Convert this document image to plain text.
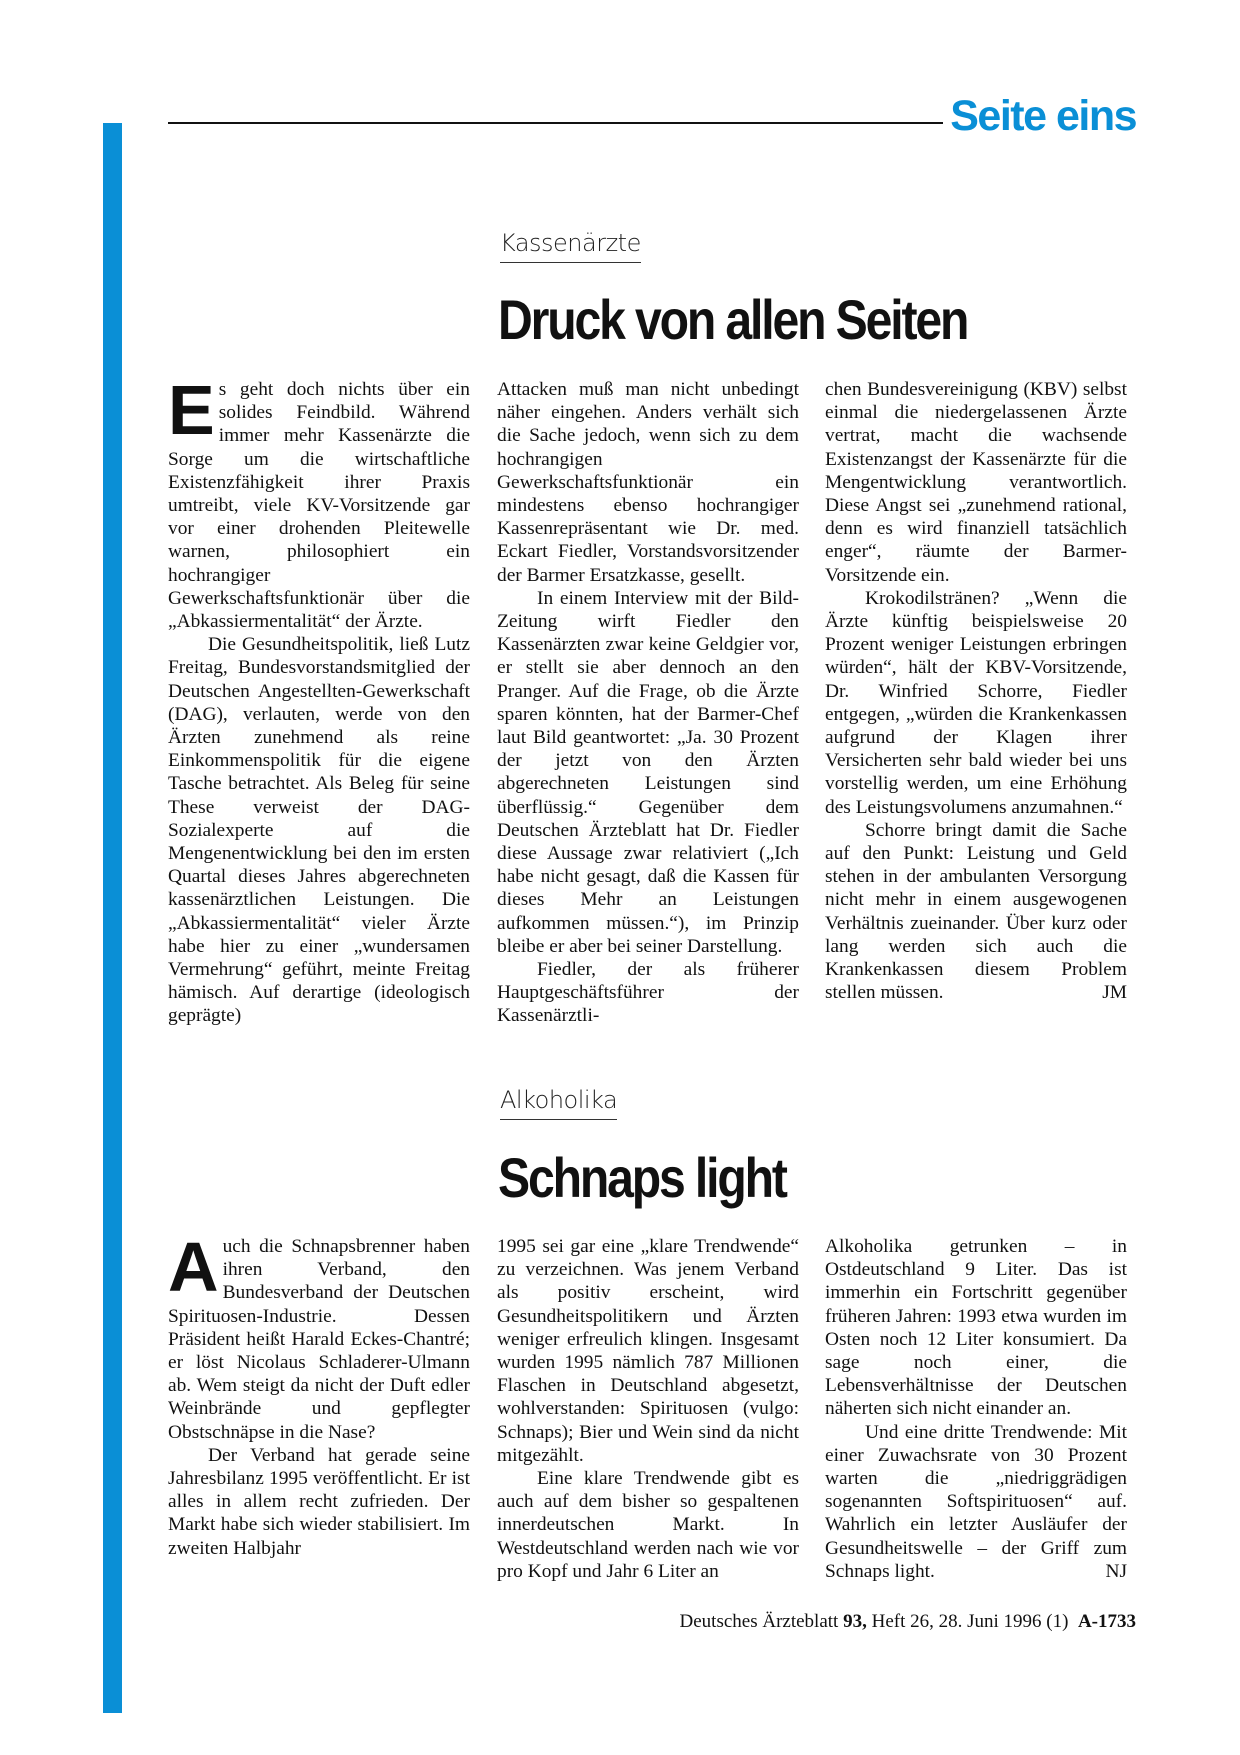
Seite eins
Kassenärzte
Druck von allen Seiten

Es geht doch nichts über ein solides Feindbild. Während immer mehr Kassenärzte die Sorge um die wirtschaftliche Existenzfähigkeit ihrer Praxis umtreibt, viele KV-Vorsitzende gar vor einer drohenden Pleitewelle warnen, philosophiert ein hochrangiger Gewerkschaftsfunktionär über die „Abkassiermentalität“ der Ärzte.

Die Gesundheitspolitik, ließ Lutz Freitag, Bundesvorstandsmitglied der Deutschen Angestellten-Gewerkschaft (DAG), verlauten, werde von den Ärzten zunehmend als reine Einkommenspolitik für die eigene Tasche betrachtet. Als Beleg für seine These verweist der DAG-Sozialexperte auf die Mengenentwicklung bei den im ersten Quartal dieses Jahres abgerechneten kassenärztlichen Leistungen. Die „Abkassiermentalität“ vieler Ärzte habe hier zu einer „wundersamen Vermehrung“ geführt, meinte Freitag hämisch. Auf derartige (ideologisch geprägte)

Attacken muß man nicht unbedingt näher eingehen. Anders verhält sich die Sache jedoch, wenn sich zu dem hochrangigen Gewerkschaftsfunktionär ein mindestens ebenso hochrangiger Kassenrepräsentant wie Dr. med. Eckart Fiedler, Vorstandsvorsitzender der Barmer Ersatzkasse, gesellt.

In einem Interview mit der Bild-Zeitung wirft Fiedler den Kassenärzten zwar keine Geldgier vor, er stellt sie aber dennoch an den Pranger. Auf die Frage, ob die Ärzte sparen könnten, hat der Barmer-Chef laut Bild geantwortet: „Ja. 30 Prozent der jetzt von den Ärzten abgerechneten Leistungen sind überflüssig.“ Gegenüber dem Deutschen Ärzteblatt hat Dr. Fiedler diese Aussage zwar relativiert („Ich habe nicht gesagt, daß die Kassen für dieses Mehr an Leistungen aufkommen müssen.“), im Prinzip bleibe er aber bei seiner Darstellung.

Fiedler, der als früherer Hauptgeschäftsführer der Kassenärztli-

chen Bundesvereinigung (KBV) selbst einmal die niedergelassenen Ärzte vertrat, macht die wachsende Existenzangst der Kassenärzte für die Mengentwicklung verantwortlich. Diese Angst sei „zunehmend rational, denn es wird finanziell tatsächlich enger“, räumte der Barmer-Vorsitzende ein.

Krokodilstränen? „Wenn die Ärzte künftig beispielsweise 20 Prozent weniger Leistungen erbringen würden“, hält der KBV-Vorsitzende, Dr. Winfried Schorre, Fiedler entgegen, „würden die Krankenkassen aufgrund der Klagen ihrer Versicherten sehr bald wieder bei uns vorstellig werden, um eine Erhöhung des Leistungsvolumens anzumahnen.“

Schorre bringt damit die Sache auf den Punkt: Leistung und Geld stehen in der ambulanten Versorgung nicht mehr in einem ausgewogenen Verhältnis zueinander. Über kurz oder lang werden sich auch die Krankenkassen diesem Problem stellen müssen.	JM

Alkoholika
Schnaps light

Auch die Schnapsbrenner haben ihren Verband, den Bundesverband der Deutschen Spirituosen-Industrie. Dessen Präsident heißt Harald Eckes-Chantré; er löst Nicolaus Schladerer-Ulmann ab. Wem steigt da nicht der Duft edler Weinbrände und gepflegter Obstschnäpse in die Nase?

Der Verband hat gerade seine Jahresbilanz 1995 veröffentlicht. Er ist alles in allem recht zufrieden. Der Markt habe sich wieder stabilisiert. Im zweiten Halbjahr

1995 sei gar eine „klare Trendwende“ zu verzeichnen. Was jenem Verband als positiv erscheint, wird Gesundheitspolitikern und Ärzten weniger erfreulich klingen. Insgesamt wurden 1995 nämlich 787 Millionen Flaschen in Deutschland abgesetzt, wohlverstanden: Spirituosen (vulgo: Schnaps); Bier und Wein sind da nicht mitgezählt.

Eine klare Trendwende gibt es auch auf dem bisher so gespaltenen innerdeutschen Markt. In Westdeutschland werden nach wie vor pro Kopf und Jahr 6 Liter an

Alkoholika getrunken – in Ostdeutschland 9 Liter. Das ist immerhin ein Fortschritt gegenüber früheren Jahren: 1993 etwa wurden im Osten noch 12 Liter konsumiert. Da sage noch einer, die Lebensverhältnisse der Deutschen näherten sich nicht einander an.

Und eine dritte Trendwende: Mit einer Zuwachsrate von 30 Prozent warten die „niedriggrädigen sogenannten Softspirituosen“ auf. Wahrlich ein letzter Ausläufer der Gesundheitswelle – der Griff zum Schnaps light.	NJ

Deutsches Ärzteblatt 93, Heft 26, 28. Juni 1996 (1) A-1733
